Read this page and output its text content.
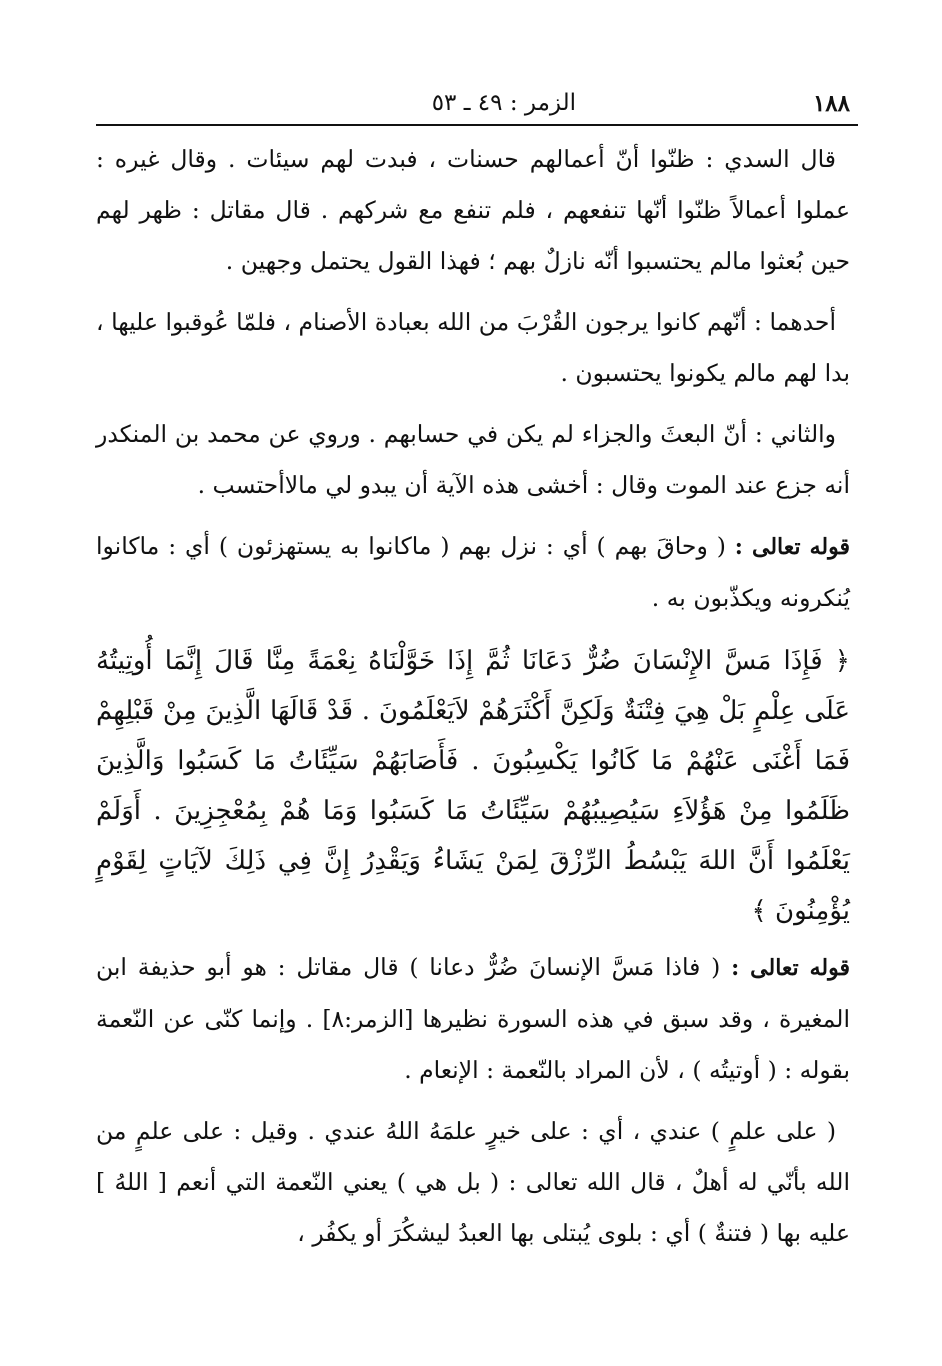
١٨٨
الزمر : ٤٩ ـ ٥٣

قال السدي : ظنّوا أنّ أعمالهم حسنات ، فبدت لهم سيئات . وقال غيره : عملوا أعمالاً ظنّوا أنّها تنفعهم ، فلم تنفع مع شركهم . قال مقاتل : ظهر لهم حين بُعثوا مالم يحتسبوا أنّه نازلٌ بهم ؛ فهذا القول يحتمل وجهين .

أحدهما : أنّهم كانوا يرجون القُرْبَ من الله بعبادة الأصنام ، فلمّا عُوقبوا عليها ، بدا لهم مالم يكونوا يحتسبون .

والثاني : أنّ البعثَ والجزاء لم يكن في حسابهم . وروي عن محمد بن المنكدر أنه جزع عند الموت وقال : أخشى هذه الآية أن يبدو لي مالاأحتسب .

قوله تعالى : ( وحاقَ بهم ) أي : نزل بهم ( ماكانوا به يستهزئون ) أي : ماكانوا يُنكرونه ويكذّبون به .

﴿ فَإِذَا مَسَّ الإِنْسَانَ ضُرٌّ دَعَانَا ثُمَّ إِذَا خَوَّلْنَاهُ نِعْمَةً مِنَّا قَالَ إِنَّمَا أُوتِيتُهُ عَلَى عِلْمٍ بَلْ هِيَ فِتْنَةٌ وَلَكِنَّ أَكْثَرَهُمْ لاَيَعْلَمُونَ . قَدْ قَالَهَا الَّذِينَ مِنْ قَبْلِهِمْ فَمَا أَغْنَى عَنْهُمْ مَا كَانُوا يَكْسِبُونَ . فَأَصَابَهُمْ سَيِّئَاتُ مَا كَسَبُوا وَالَّذِينَ ظَلَمُوا مِنْ هَؤُلاَءِ سَيُصِيبُهُمْ سَيِّئَاتُ مَا كَسَبُوا وَمَا هُمْ بِمُعْجِزِينَ . أَوَلَمْ يَعْلَمُوا أَنَّ اللهَ يَبْسُطُ الرِّزْقَ لِمَنْ يَشَاءُ وَيَقْدِرُ إِنَّ فِي ذَلِكَ لآيَاتٍ لِقَوْمٍ يُؤْمِنُونَ ﴾

قوله تعالى : ( فاذا مَسَّ الإنسانَ ضُرٌّ دعانا ) قال مقاتل : هو أبو حذيفة ابن المغيرة ، وقد سبق في هذه السورة نظيرها [الزمر:٨] . وإنما كنّى عن النّعمة بقوله : ( أوتيتُه ) ، لأن المراد بالنّعمة : الإنعام .

( على علمٍ ) عندي ، أي : على خيرٍ علمَهُ اللهُ عندي . وقيل : على علمٍ من الله بأنّي له أهلٌ ، قال الله تعالى : ( بل هي ) يعني النّعمة التي أنعم [ اللهُ ] عليه بها ( فتنةٌ ) أي : بلوى يُبتلى بها العبدُ ليشكُرَ أو يكفُر ،
